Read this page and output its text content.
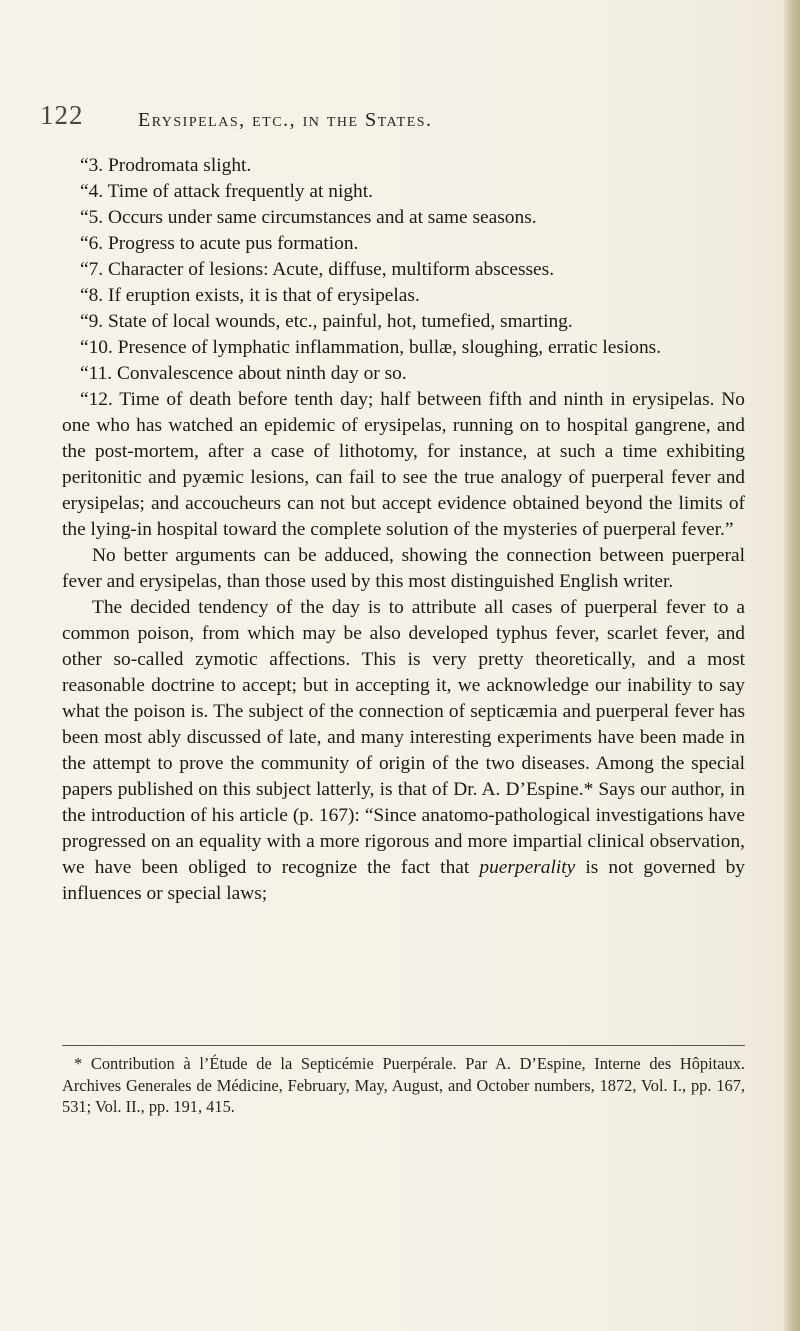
122	Erysipelas, etc., in the States.

“3. Prodromata slight.

“4. Time of attack frequently at night.

“5. Occurs under same circumstances and at same seasons.

“6. Progress to acute pus formation.

“7. Character of lesions: Acute, diffuse, multiform abscesses.

“8. If eruption exists, it is that of erysipelas.

“9. State of local wounds, etc., painful, hot, tumefied, smarting.

“10. Presence of lymphatic inflammation, bullæ, sloughing, erratic lesions.

“11. Convalescence about ninth day or so.

“12. Time of death before tenth day; half between fifth and ninth in erysipelas. No one who has watched an epidemic of erysipelas, running on to hospital gangrene, and the post-mortem, after a case of lithotomy, for instance, at such a time exhibiting peritonitic and pyæmic lesions, can fail to see the true analogy of puerperal fever and erysipelas; and accoucheurs can not but accept evidence obtained beyond the limits of the lying-in hospital toward the complete solution of the mysteries of puerperal fever.”

No better arguments can be adduced, showing the connection between puerperal fever and erysipelas, than those used by this most distinguished English writer.

The decided tendency of the day is to attribute all cases of puerperal fever to a common poison, from which may be also developed typhus fever, scarlet fever, and other so-called zymotic affections. This is very pretty theoretically, and a most reasonable doctrine to accept; but in accepting it, we acknowledge our inability to say what the poison is. The subject of the connection of septicæmia and puerperal fever has been most ably discussed of late, and many interesting experiments have been made in the attempt to prove the community of origin of the two diseases. Among the special papers published on this subject latterly, is that of Dr. A. D’Espine.* Says our author, in the introduction of his article (p. 167): “Since anatomo-pathological investigations have progressed on an equality with a more rigorous and more impartial clinical observation, we have been obliged to recognize the fact that puerperality is not governed by influences or special laws;

* Contribution à l’Étude de la Septicémie Puerpérale. Par A. D’Espine, Interne des Hôpitaux. Archives Generales de Médicine, February, May, August, and October numbers, 1872, Vol. I., pp. 167, 531; Vol. II., pp. 191, 415.
